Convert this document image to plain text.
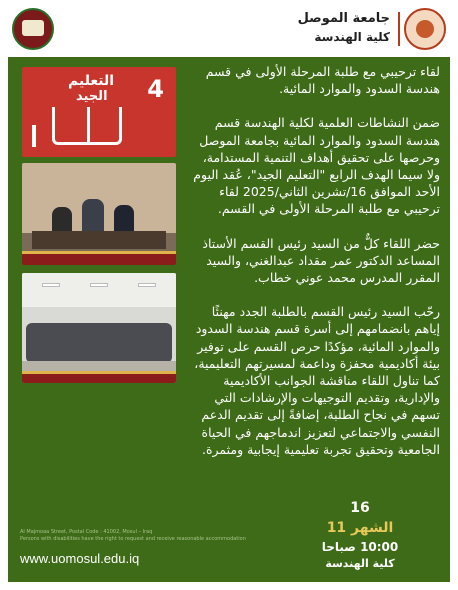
جامعة الموصل
كلية الهندسة
4
التعليم
الجيد

لقاء ترحيبي مع طلبة المرحلة الأولى في قسم هندسة السدود والموارد المائية.

ضمن النشاطات العلمية لكلية الهندسة قسم هندسة السدود والموارد المائية بجامعة الموصل وحرصها على تحقيق أهداف التنمية المستدامة، ولا سيما الهدف الرابع "التعليم الجيد"، عُقد اليوم الأحد الموافق 16/تشرين الثاني/2025 لقاء ترحيبي مع طلبة المرحلة الأولى في القسم.

حضر اللقاء كلٌّ من السيد رئيس القسم الأستاذ المساعد الدكتور عمر مقداد عبدالغني، والسيد المقرر المدرس محمد عوني خطاب.

رحّب السيد رئيس القسم بالطلبة الجدد مهنئًا إياهم بانضمامهم إلى أسرة قسم هندسة السدود والموارد المائية، مؤكدًا حرص القسم على توفير بيئة أكاديمية محفزة وداعمة لمسيرتهم التعليمية،

كما تناول اللقاء مناقشة الجوانب الأكاديمية والإدارية، وتقديم التوجيهات والإرشادات التي تسهم في نجاح الطلبة، إضافةً إلى تقديم الدعم النفسي والاجتماعي لتعزيز اندماجهم في الحياة الجامعية وتحقيق تجربة تعليمية إيجابية ومثمرة.

Al Majmoaa Street, Postal Code : 41002, Mosul – Iraq
Persons with disabilities have the right to request and receive reasonable accommodation
www.uomosul.edu.iq
16
الشهر 11
10:00 صباحا
كلية الهندسة
